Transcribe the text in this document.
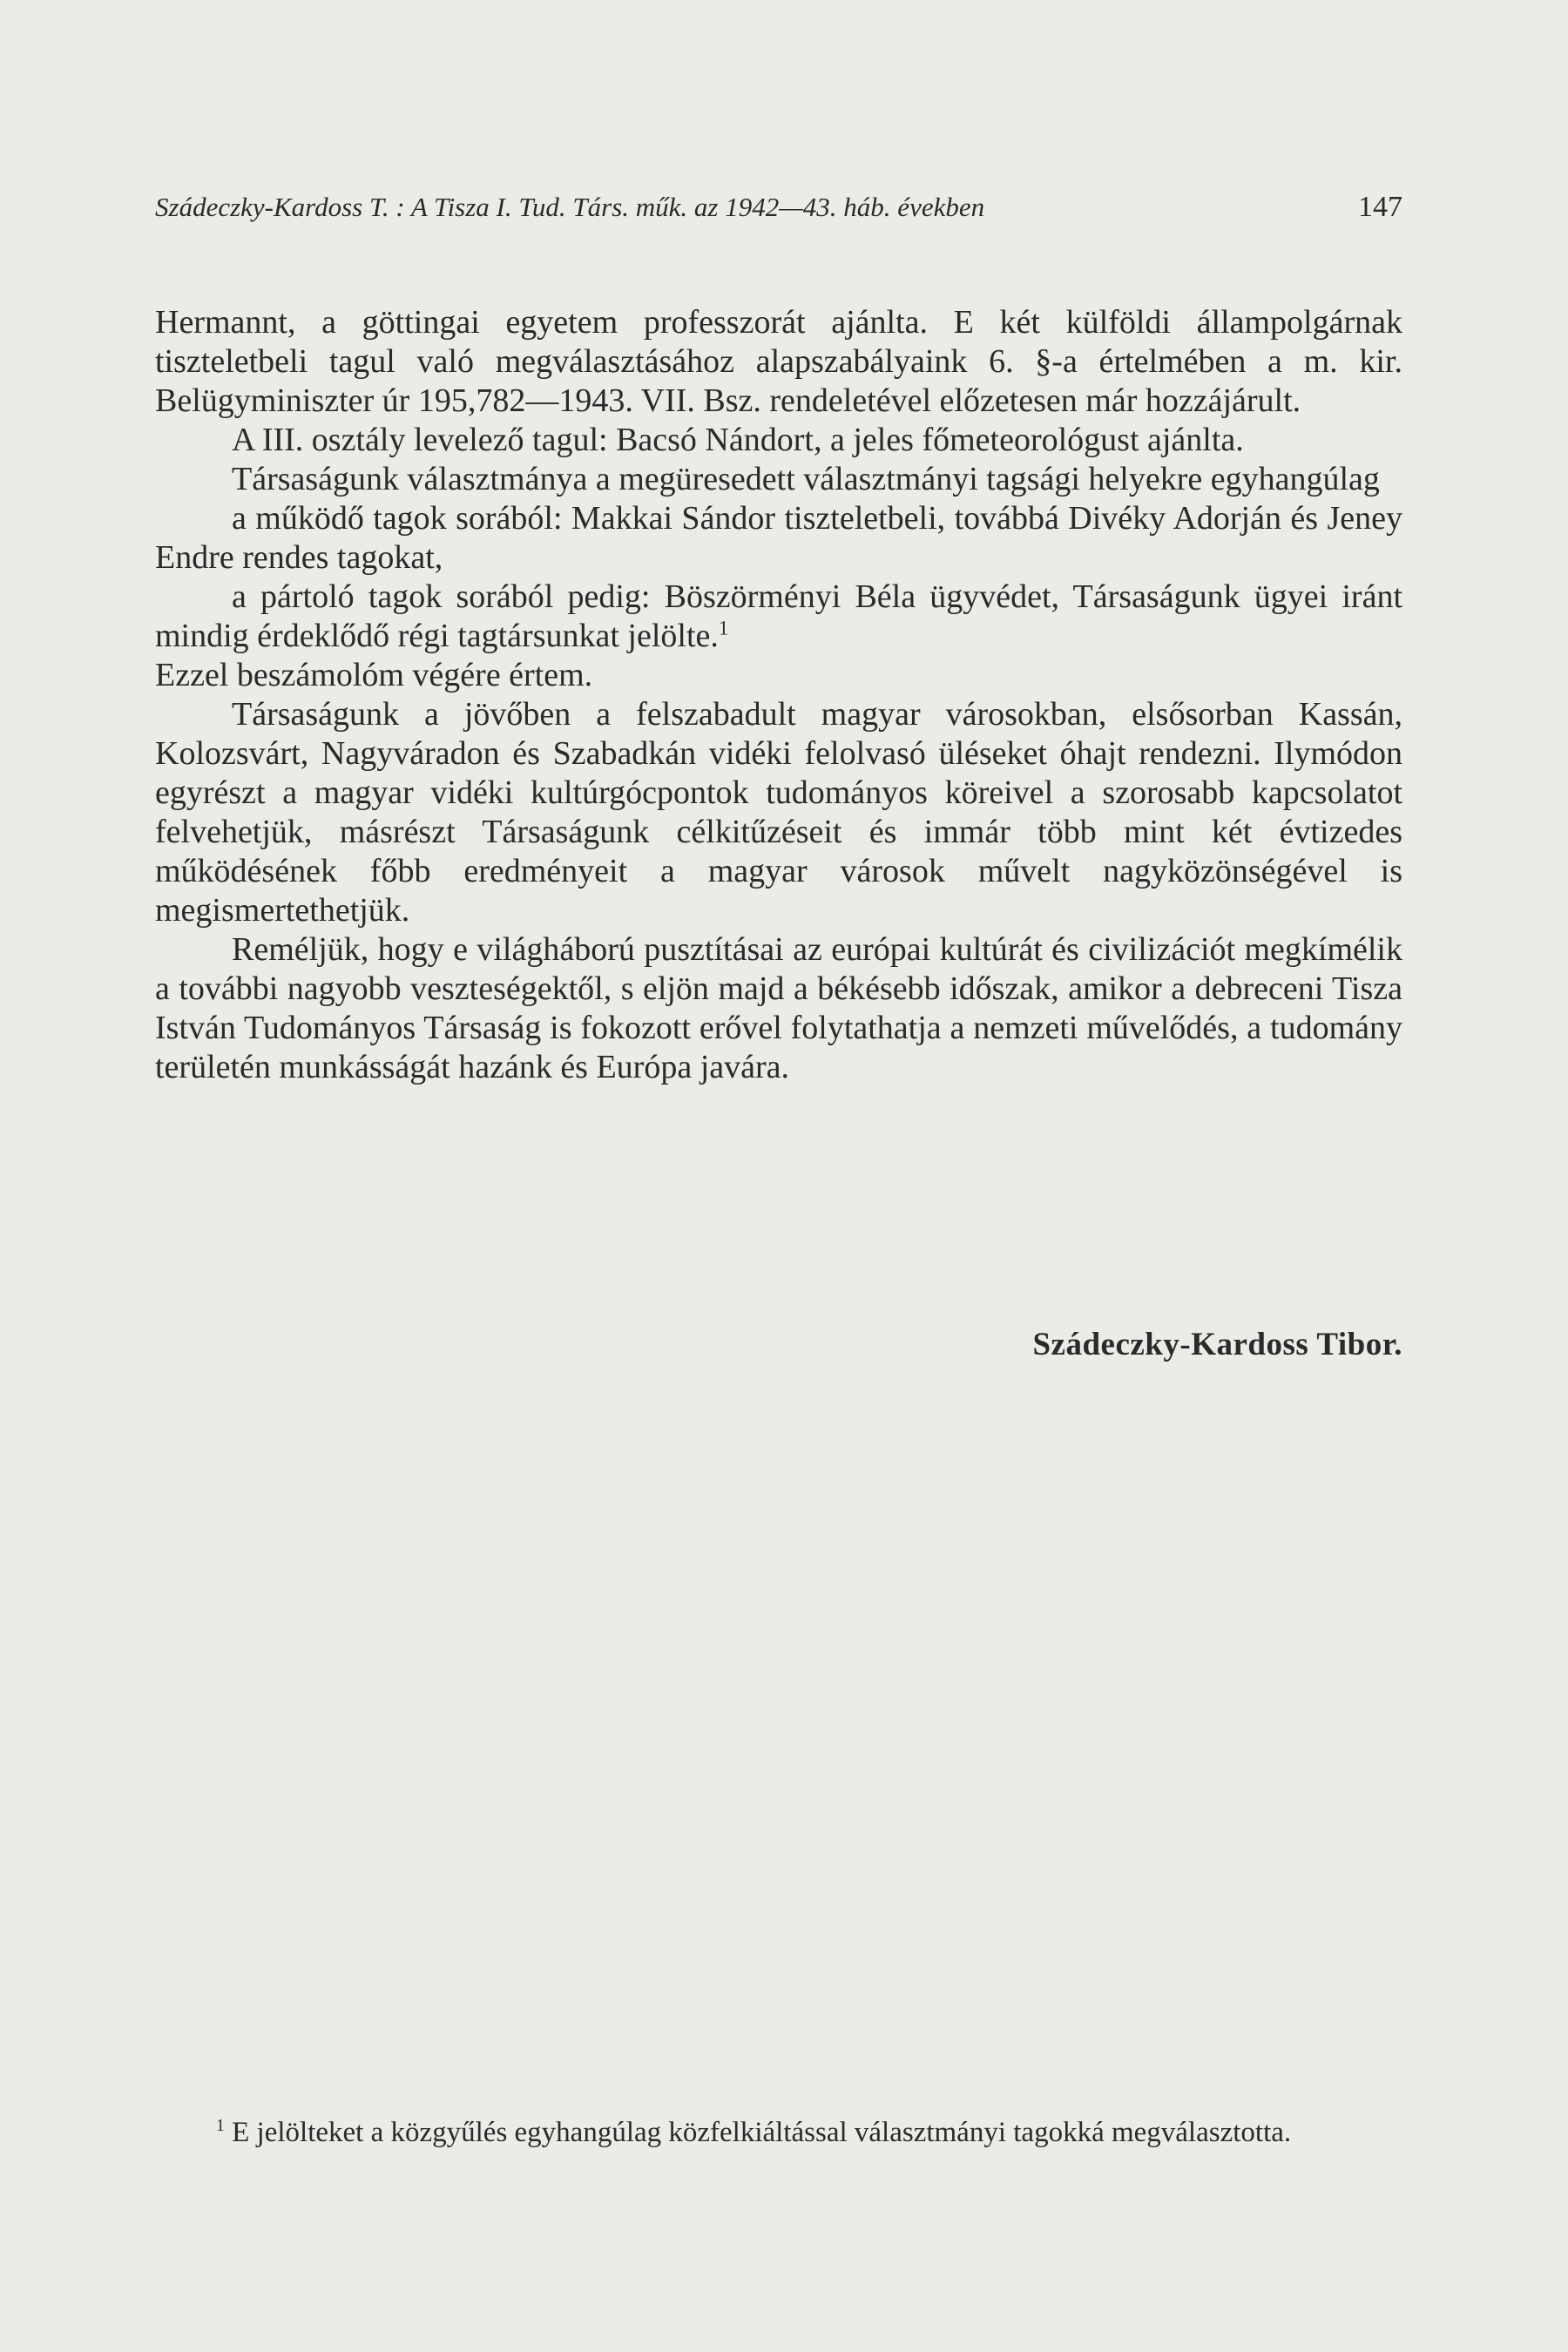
Szádeczky-Kardoss T. : A Tisza I. Tud. Társ. műk. az 1942—43. háb. években	147

Hermannt, a göttingai egyetem professzorát ajánlta. E két külföldi állampolgárnak tiszteletbeli tagul való megválasztásához alapszabályaink 6. §-a értelmében a m. kir. Belügyminiszter úr 195,782—1943. VII. Bsz. rendeletével előzetesen már hozzájárult.

A III. osztály levelező tagul: Bacsó Nándort, a jeles főmeteorológust ajánlta.

Társaságunk választmánya a megüresedett választmányi tagsági helyekre egyhangúlag

a működő tagok sorából: Makkai Sándor tiszteletbeli, továbbá Divéky Adorján és Jeney Endre rendes tagokat,

a pártoló tagok sorából pedig: Böszörményi Béla ügyvédet, Társaságunk ügyei iránt mindig érdeklődő régi tagtársunkat jelölte.$^1$

Ezzel beszámolóm végére értem.

Társaságunk a jövőben a felszabadult magyar városokban, elsősorban Kassán, Kolozsvárt, Nagyváradon és Szabadkán vidéki felolvasó üléseket óhajt rendezni. Ilymódon egyrészt a magyar vidéki kultúrgócpontok tudományos köreivel a szorosabb kapcsolatot felvehetjük, másrészt Társaságunk célkitűzéseit és immár több mint két évtizedes működésének főbb eredményeit a magyar városok művelt nagyközönségével is megismertethetjük.

Reméljük, hogy e világháború pusztításai az európai kultúrát és civilizációt megkímélik a további nagyobb veszteségektől, s eljön majd a békésebb időszak, amikor a debreceni Tisza István Tudományos Társaság is fokozott erővel folytathatja a nemzeti művelődés, a tudomány területén munkásságát hazánk és Európa javára.

Szádeczky-Kardoss Tibor.
$^1$ E jelölteket a közgyűlés egyhangúlag közfelkiáltással választmányi tagokká megválasztotta.
